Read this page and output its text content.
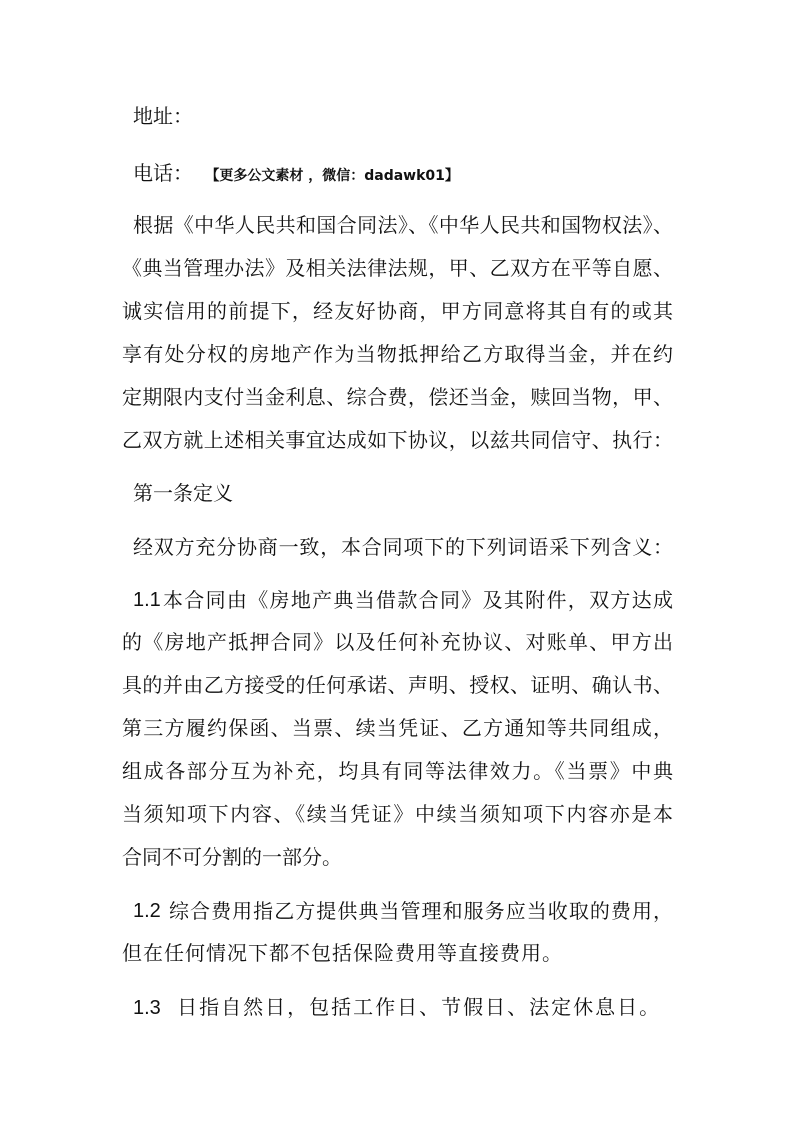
地址：
电话： 【更多公文素材 ，微信：dadawk01】
根据《中华人民共和国合同法》、《中华人民共和国物权法》、
《典当管理办法》及相关法律法规，甲、乙双方在平等自愿、
诚实信用的前提下，经友好协商，甲方同意将其自有的或其
享有处分权的房地产作为当物抵押给乙方取得当金，并在约
定期限内支付当金利息、综合费，偿还当金，赎回当物，甲、
乙双方就上述相关事宜达成如下协议，以兹共同信守、执行：
第一条定义
经双方充分协商一致，本合同项下的下列词语采下列含义：
1.1 本合同由《房地产典当借款合同》及其附件，双方达成
的《房地产抵押合同》以及任何补充协议、对账单、甲方出
具的并由乙方接受的任何承诺、声明、授权、证明、确认书、
第三方履约保函、当票、续当凭证、乙方通知等共同组成，
组成各部分互为补充，均具有同等法律效力。《当票》中典
当须知项下内容、《续当凭证》中续当须知项下内容亦是本
合同不可分割的一部分。
1.2 综合费用指乙方提供典当管理和服务应当收取的费用，
但在任何情况下都不包括保险费用等直接费用。
1.3 日指自然日，包括工作日、节假日、法定休息日。
